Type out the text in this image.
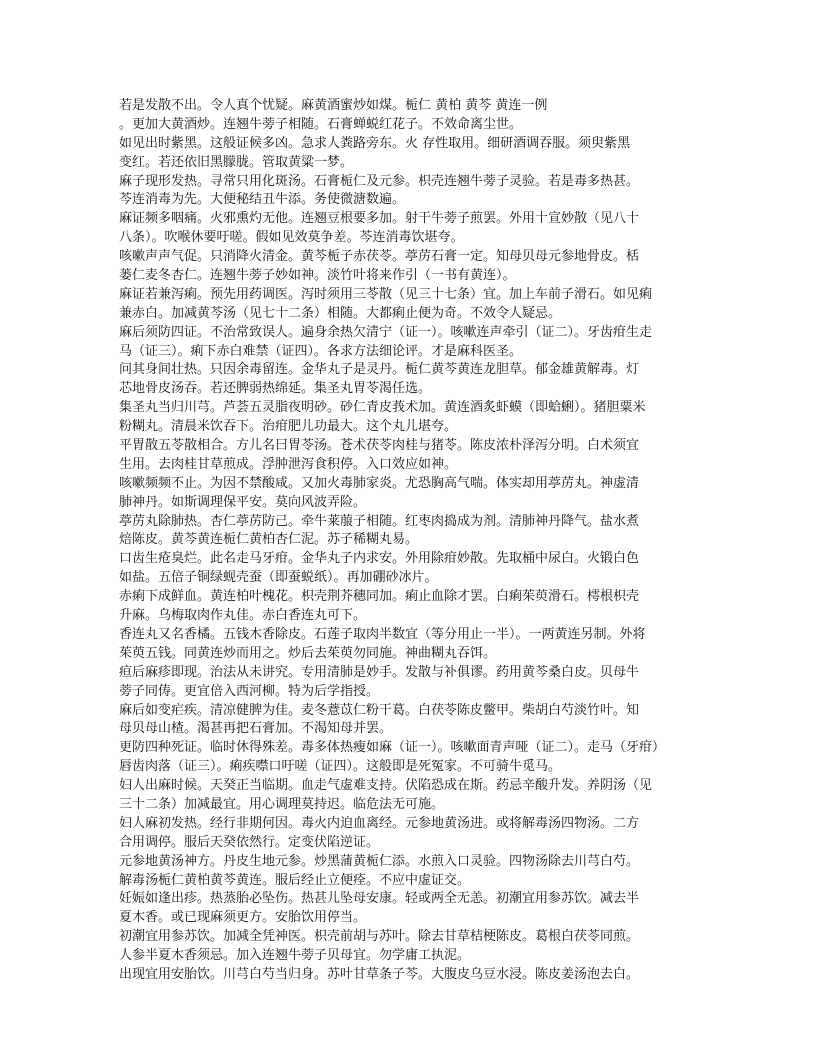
若是发散不出。令人真个忧疑。麻黄酒蜜炒如煤。栀仁 黄柏 黄芩 黄连一例
。更加大黄酒炒。连翘牛蒡子相随。石膏蝉蜕红花子。不效命离尘世。
如见出时紫黑。这般证候多凶。急求人粪路旁东。火 存性取用。细研酒调吞服。须臾紫黑
变红。若还依旧黑朦胧。管取黄粱一梦。
麻子现形发热。寻常只用化斑汤。石膏栀仁及元参。枳壳连翘牛蒡子灵验。若是毒多热甚。
芩连消毒为先。大便秘结丑牛添。务使微溏数遍。
麻证频多咽痛。火邪熏灼无他。连翘豆根要多加。射干牛蒡子煎罢。外用十宣妙散（见八十
八条）。吹喉休要吁嗟。假如见效莫争差。芩连消毒饮堪夸。
咳嗽声声气促。只消降火清金。黄芩栀子赤茯苓。葶苈石膏一定。知母贝母元参地骨皮。栝
蒌仁麦冬杏仁。连翘牛蒡子妙如神。淡竹叶将来作引（一书有黄连）。
麻证若兼泻痢。预先用药调医。泻时须用三苓散（见三十七条）宜。加上车前子滑石。如见痢
兼赤白。加减黄芩汤（见七十二条）相随。大都痢止便为奇。不效令人疑忌。
麻后须防四证。不治常致误人。遍身余热欠清宁（证一）。咳嗽连声牵引（证二）。牙齿疳生走
马（证三）。痢下赤白难禁（证四）。各求方法细论评。才是麻科医圣。
问其身间壮热。只因余毒留连。金华丸子是灵丹。栀仁黄芩黄连龙胆草。郁金雄黄解毒。灯
芯地骨皮汤吞。若还脾弱热绵延。集圣丸胃苓渴任选。
集圣丸当归川芎。芦荟五灵脂夜明砂。砂仁青皮莪术加。黄连酒炙虾蟆（即蛤蜊）。猪胆粟米
粉糊丸。清晨米饮吞下。治疳肥儿功最大。这个丸儿堪夸。
平胃散五苓散相合。方儿名曰胃苓汤。苍术茯苓肉桂与猪苓。陈皮浓朴泽泻分明。白术须宜
生用。去肉桂甘草煎成。浮肿泄泻食积停。入口效应如神。
咳嗽频频不止。为因不禁酸咸。又加火毒肺家炎。尤恐胸高气喘。体实却用葶苈丸。神虚清
肺神丹。如斯调理保平安。莫向风波弄险。
葶苈丸除肺热。杏仁葶苈防己。牵牛莱菔子相随。红枣肉捣成为剂。清肺神丹降气。盐水煮
焙陈皮。黄芩黄连栀仁黄柏杏仁泥。苏子稀糊丸易。
口齿生疮臭烂。此名走马牙疳。金华丸子内求安。外用除疳妙散。先取桶中尿白。火锻白色
如盐。五倍子铜绿蚬壳蚕（即蚕蜕纸）。再加硼砂冰片。
赤痢下成鲜血。黄连柏叶槐花。枳壳荆芥穗同加。痢止血除才罢。白痢茱萸滑石。樗根枳壳
升麻。乌梅取肉作丸佳。赤白香连丸可下。
香连丸又名香橘。五钱木香除皮。石莲子取肉半数宜（等分用止一半）。一两黄连另制。外将
茱萸五钱。同黄连炒而用之。炒后去茱萸勿同施。神曲糊丸吞饵。
疸后麻疹即现。治法从未讲究。专用清肺是妙手。发散与补俱谬。药用黄芩桑白皮。贝母牛
蒡子同俦。更宜倍入西河柳。特为后学指授。
麻后如变疟疾。清凉健脾为佳。麦冬薏苡仁粉干葛。白茯苓陈皮鳖甲。柴胡白芍淡竹叶。知
母贝母山楂。渴甚再把石膏加。不渴知母并罢。
更防四种死证。临时休得殊差。毒多体热瘦如麻（证一）。咳嗽面青声哑（证二）。走马（牙疳）
唇齿肉落（证三）。痢疾噤口吁嗟（证四）。这般即是死冤家。不可骑牛觅马。
妇人出麻时候。天癸正当临期。血走气虚难支持。伏陷恐成在斯。药忌辛酸升发。养阴汤（见
三十二条）加减最宜。用心调理莫持迟。临危法无可施。
妇人麻初发热。经行非期何因。毒火内迫血离经。元参地黄汤进。或将解毒汤四物汤。二方
合用调停。服后天癸依然行。定变伏陷逆证。
元参地黄汤神方。丹皮生地元参。炒黑蒲黄栀仁添。水煎入口灵验。四物汤除去川芎白芍。
解毒汤栀仁黄柏黄芩黄连。服后经止立便痊。不应中虚证交。
妊娠如逢出疹。热蒸胎必坠伤。热甚儿坠母安康。轻或两全无恙。初潮宜用参苏饮。减去半
夏木香。或已现麻须更方。安胎饮用停当。
初潮宜用参苏饮。加减全凭神医。枳壳前胡与苏叶。除去甘草桔梗陈皮。葛根白茯苓同煎。
人参半夏木香须忌。加入连翘牛蒡子贝母宜。勿学庸工执泥。
出现宜用安胎饮。川芎白芍当归身。苏叶甘草条子芩。大腹皮乌豆水浸。陈皮姜汤泡去白。
